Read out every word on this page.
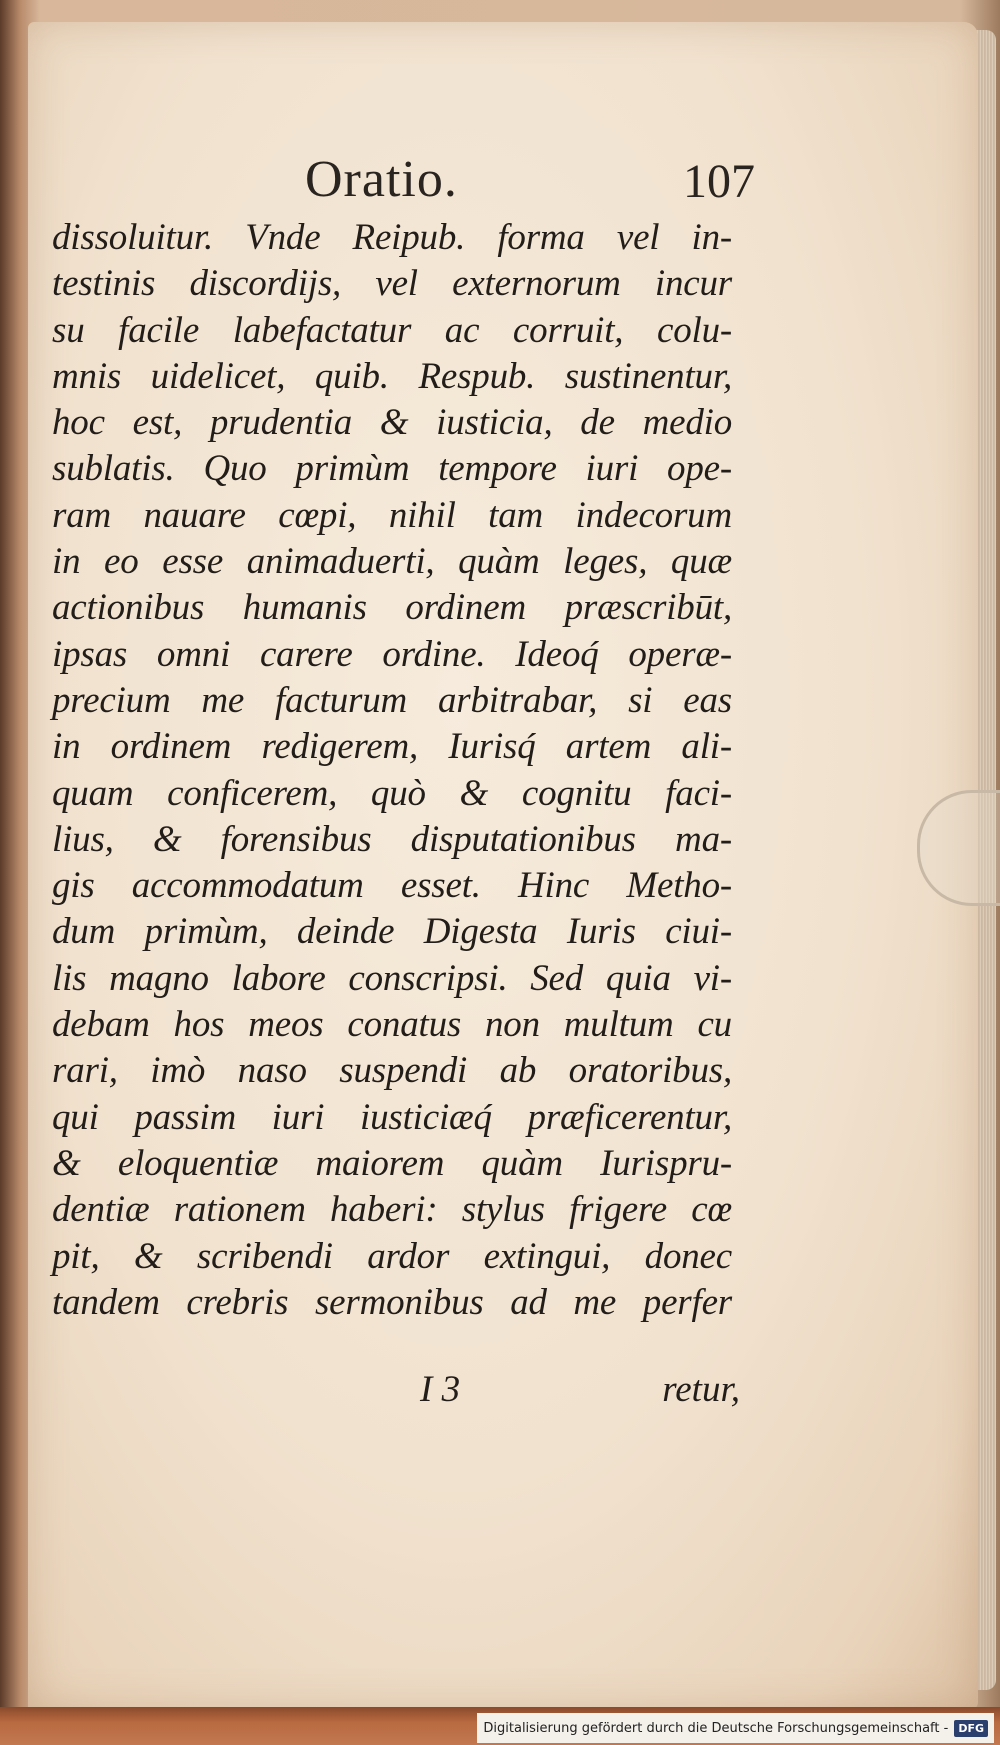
Oratio.	107
dissoluitur. Vnde Reipub. forma vel in-
testinis discordijs, vel externorum incur
su facile labefactatur ac corruit, colu-
mnis uidelicet, quib. Respub. sustinentur,
hoc est, prudentia & iusticia, de medio
sublatis. Quo primùm tempore iuri ope-
ram nauare cœpi, nihil tam indecorum
in eo esse animaduerti, quàm leges, quæ
actionibus humanis ordinem præscribūt,
ipsas omni carere ordine. Ideoq́ operæ-
precium me facturum arbitrabar, si eas
in ordinem redigerem, Iurisq́ artem ali-
quam conficerem, quò & cognitu faci-
lius, & forensibus disputationibus ma-
gis accommodatum esset. Hinc Metho-
dum primùm, deinde Digesta Iuris ciui-
lis magno labore conscripsi. Sed quia vi-
debam hos meos conatus non multum cu
rari, imò naso suspendi ab oratoribus,
qui passim iuri iusticiæq́ præficerentur,
& eloquentiæ maiorem quàm Iurispru-
dentiæ rationem haberi: stylus frigere cœ
pit, & scribendi ardor extingui, donec
tandem crebris sermonibus ad me perfer
I 3	retur,
Digitalisierung gefördert durch die Deutsche Forschungsgemeinschaft - DFG
